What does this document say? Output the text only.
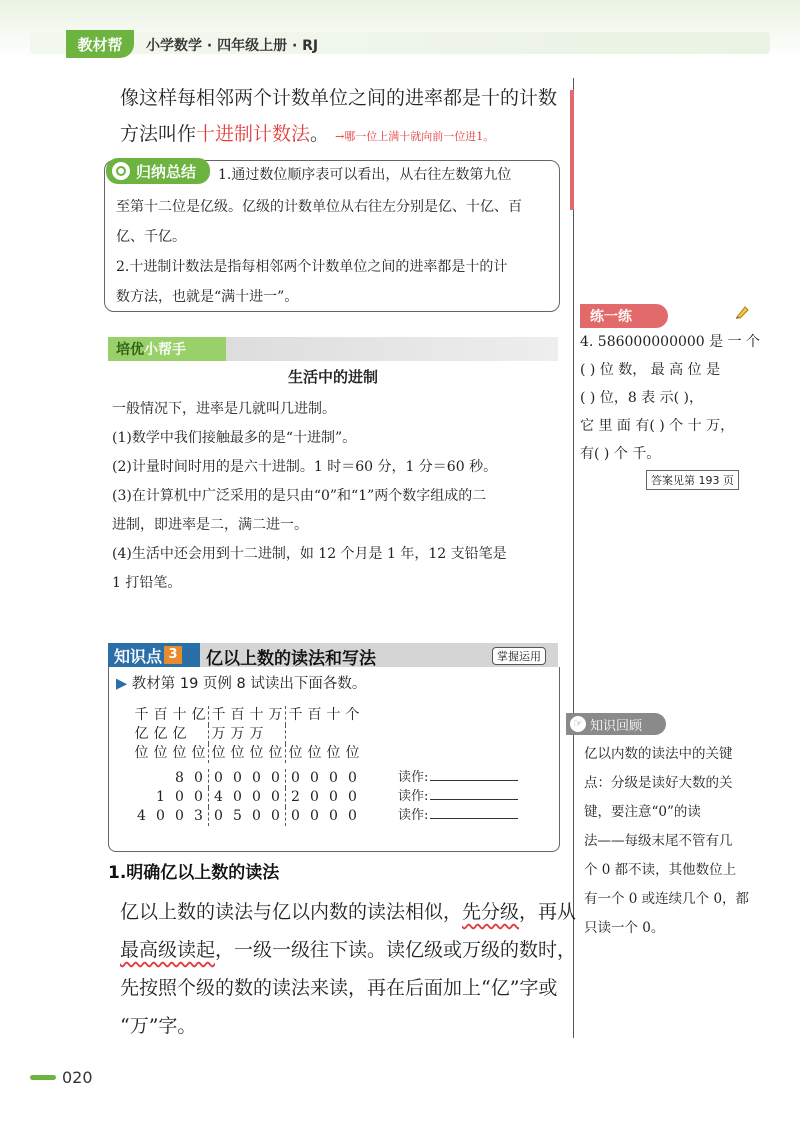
教材帮	小学数学 · 四年级上册 · RJ
像这样每相邻两个计数单位之间的进率都是十的计数
方法叫作十进制计数法。 →哪一位上满十就向前一位进1。
归纳总结 1.通过数位顺序表可以看出，从右往左数第九位
至第十二位是亿级。亿级的计数单位从右往左分别是亿、十亿、百
亿、千亿。
2.十进制计数法是指每相邻两个计数单位之间的进率都是十的计
数方法，也就是“满十进一”。
培优 小帮手
生活中的进制
一般情况下，进率是几就叫几进制。
(1)数学中我们接触最多的是“十进制”。
(2)计量时间时用的是六十进制。1 时＝60 分，1 分＝60 秒。
(3)在计算机中广泛采用的是只由“0”和“1”两个数字组成的二
进制，即进率是二，满二进一。
(4)生活中还会用到十二进制，如 12 个月是 1 年，12 支铅笔是
1 打铅笔。
知识点 3 亿以上数的读法和写法	掌握运用
▶ 教材第 19 页例 8 试读出下面各数。
千	百	十	亿	千	百	十	万	千	百	十	个
亿	亿	亿		万	万	万					
位	位	位	位	位	位	位	位	位	位	位	位

		8	0	0	0	0	0	0	0	0	0
	1	0	0	4	0	0	0	2	0	0	0
4	0	0	3	0	5	0	0	0	0	0	0
读作:
读作:
读作:
1.明确亿以上数的读法
亿以上数的读法与亿以内数的读法相似，先分级，再从
最高级读起，一级一级往下读。读亿级或万级的数时，
先按照个级的数的读法来读，再在后面加上“亿”字或
“万”字。
练一练
4. 586000000000 是 一 个
( ) 位 数， 最 高 位 是
( ) 位，8 表 示( )，
它 里 面 有( ) 个 十 万，
有( ) 个 千。
答案见第 193 页
☞ 知识回顾
亿以内数的读法中的关键
点：分级是读好大数的关
键，要注意“0”的读
法——每级末尾不管有几
个 0 都不读，其他数位上
有一个 0 或连续几个 0，都
只读一个 0。
020
